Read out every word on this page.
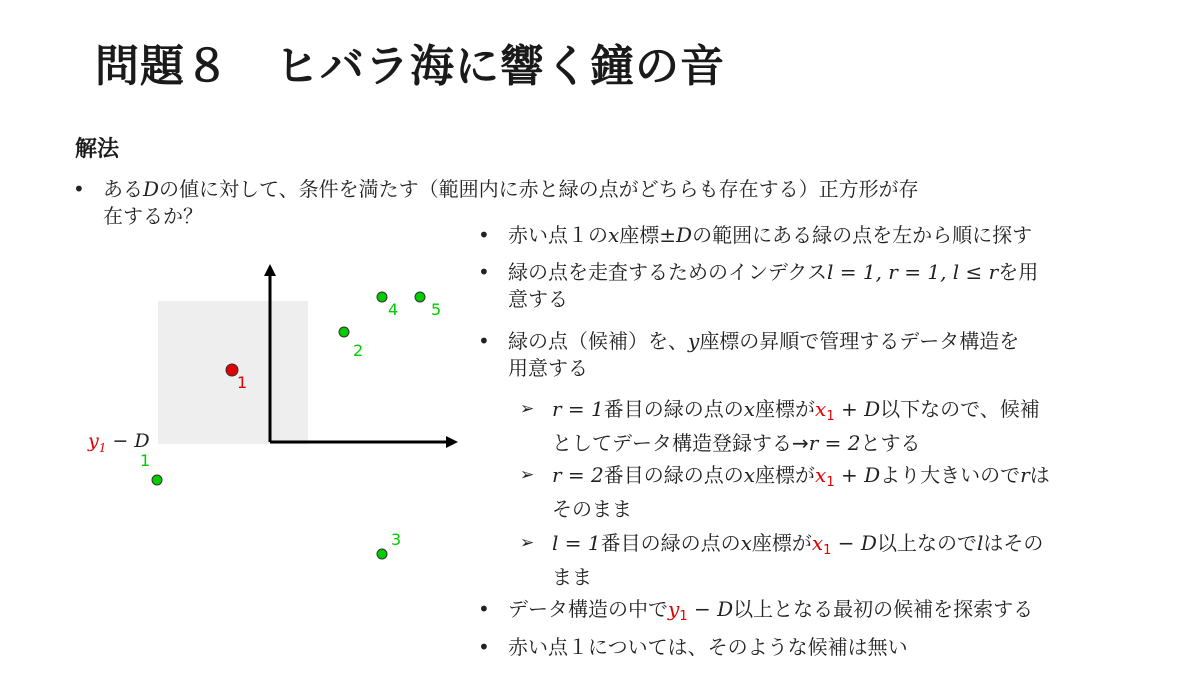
問題８　ヒバラ海に響く鐘の音
解法
• あるDの値に対して、条件を満たす（範囲内に赤と緑の点がどちらも存在する）正方形が存
在するか？
• 赤い点１のx座標±Dの範囲にある緑の点を左から順に探す
• 緑の点を走査するためのインデクスl = 1, r = 1, l ≤ rを用
意する
• 緑の点（候補）を、y座標の昇順で管理するデータ構造を
用意する
➢ r = 1番目の緑の点のx座標が$x_1 + D$以下なので、候補
としてデータ構造登録する→r = 2とする
➢ r = 2番目の緑の点のx座標が$x_1 + D$より大きいのでrは
そのまま
➢ l = 1番目の緑の点のx座標が$x_1 - D$以上なのでlはその
まま
• データ構造の中で$y_1 - D$以上となる最初の候補を探索する
• 赤い点１については、そのような候補は無い
$y_1 - D$
1
1
2
3
4 5
